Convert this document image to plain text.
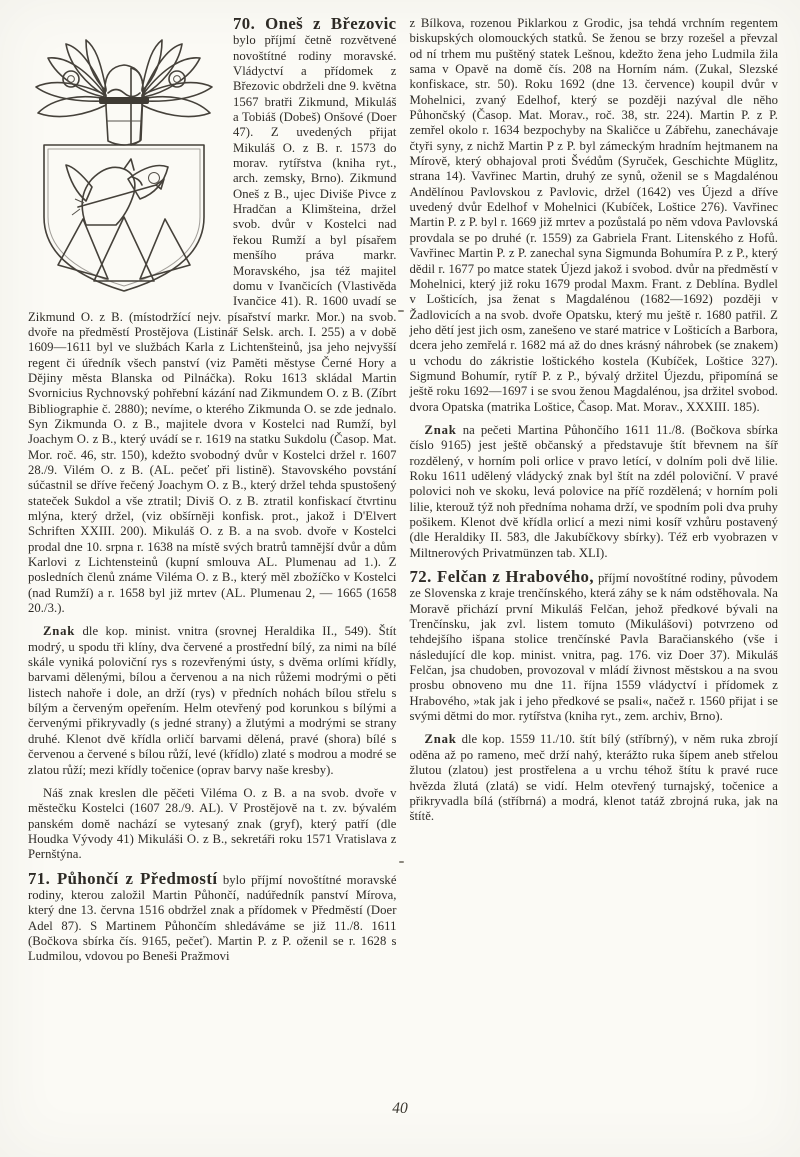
70. Oneš z Březovic bylo příjmí četně rozvětvené novoštítné rodiny moravské. Vládyctví a přídomek z Březovic obdrželi dne 9. května 1567 bratři Zikmund, Mikuláš a Tobiáš (Dobeš) Onšové (Doer 47). Z uvedených přijat Mikuláš O. z B. r. 1573 do morav. rytířstva (kniha ryt., arch. zemsky, Brno). Zikmund Oneš z B., ujec Diviše Pivce z Hradčan a Klimšteina, držel svob. dvůr v Kostelci nad řekou Rumží a byl písařem menšího práva markr. Moravského, jsa též majitel domu v Ivančicích (Vlastivěda Ivančice 41). R. 1600 uvadí se Zikmund O. z B. (místodržící nejv. písařství markr. Mor.) na svob. dvoře na předměstí Prostějova (Listinář Selsk. arch. I. 255) a v době 1609—1611 byl ve službách Karla z Lichtenšteinů, jsa jeho nejvyšší regent či úředník všech panství (viz Paměti městyse Černé Hory a Dějiny města Blanska od Pilnáčka). Roku 1613 skládal Martin Svornicius Rychnovský pohřební kázání nad Zikmundem O. z B. (Zíbrt Bibliographie č. 2880); nevíme, o kterého Zikmunda O. se zde jednalo. Syn Zikmunda O. z B., majitele dvora v Kostelci nad Rumží, byl Joachym O. z B., který uvádí se r. 1619 na statku Sukdolu (Časop. Mat. Mor. roč. 46, str. 150), kdežto svobodný dvůr v Kostelci držel r. 1607 28./9. Vilém O. z B. (AL. pečeť při listině). Stavovského povstání súčastnil se dříve řečený Joachym O. z B., který držel tehda spustošený stateček Sukdol a vše ztratil; Diviš O. z B. ztratil konfiskací čtvrtinu mlýna, který držel, (viz obšírněji konfisk. prot., jakož i D'Elvert Schriften XXIII. 200). Mikuláš O. z B. a na svob. dvoře v Kostelci prodal dne 10. srpna r. 1638 na místě svých bratrů tamnější dvůr a dům Karlovi z Lichtensteinů (kupní smlouva AL. Plumenau ad 1.). Z posledních členů známe Viléma O. z B., který měl zbožíčko v Kostelci (nad Rumží) a r. 1658 byl již mrtev (AL. Plumenau 2, — 1665 (1658 20./3.).

Znak dle kop. minist. vnitra (srovnej Heraldika II., 549). Štít modrý, u spodu tři klíny, dva červené a prostřední bílý, za nimi na bílé skále vyniká poloviční rys s rozevřenými ústy, s dvěma orlími křídly, barvami dělenými, bílou a červenou a na nich růžemi modrými o pěti listech nahoře i dole, an drží (rys) v předních nohách bílou střelu s bílým a červeným opeřením. Helm otevřený pod korunkou s bílými a červenými přikryvadly (s jedné strany) a žlutými a modrými se strany druhé. Klenot dvě křídla orličí barvami dělená, pravé (shora) bílé s červenou a červené s bílou růží, levé (křídlo) zlaté s modrou a modré se zlatou růží; mezi křídly točenice (oprav barvy naše kresby).

Náš znak kreslen dle pěčeti Viléma O. z B. a na svob. dvoře v městečku Kostelci (1607 28./9. AL). V Prostějově na t. zv. bývalém panském domě nachází se vytesaný znak (gryf), který patří (dle Houdka Vývody 41) Mikuláši O. z B., sekretáři roku 1571 Vratislava z Pernštýna.

71. Půhončí z Předmostí bylo příjmí novoštítné moravské rodiny, kterou založil Martin Půhončí, nadúředník panství Mírova, který dne 13. června 1516 obdržel znak a přídomek v Předměstí (Doer Adel 87). S Martinem Půhončím shledáváme se již 11./8. 1611 (Bočkova sbírka čís. 9165, pečeť). Martin P. z P. oženil se r. 1628 s Ludmilou, vdovou po Beneši Pražmovi

z Bílkova, rozenou Piklarkou z Grodic, jsa tehdá vrchním regentem biskupských olomouckých statků. Se ženou se brzy rozešel a převzal od ní trhem mu puštěný statek Lešnou, kdežto žena jeho Ludmila žila sama v Opavě na domě čís. 208 na Horním nám. (Zukal, Slezské konfiskace, str. 50). Roku 1692 (dne 13. července) koupil dvůr v Mohelnici, zvaný Edelhof, který se později nazýval dle něho Půhončský (Časop. Mat. Morav., roč. 38, str. 224). Martin P. z P. zemřel okolo r. 1634 bezpochyby na Skaličce u Zábřehu, zanechávaje čtyři syny, z nichž Martin P z P. byl zámeckým hradním hejtmanem na Mírově, který obhajoval proti Švédům (Syruček, Geschichte Müglitz, strana 14). Vavřinec Martin, druhý ze synů, oženil se s Magdalénou Andělínou Pavlovskou z Pavlovic, držel (1642) ves Újezd a dříve uvedený dvůr Edelhof v Mohelnici (Kubíček, Loštice 276). Vavřinec Martin P. z P. byl r. 1669 již mrtev a pozůstalá po něm vdova Pavlovská provdala se po druhé (r. 1559) za Gabriela Frant. Litenského z Hofů. Vavřinec Martin P. z P. zanechal syna Sigmunda Bohumíra P. z P., který dědil r. 1677 po matce statek Újezd jakož i svobod. dvůr na předměstí v Mohelnici, který již roku 1679 prodal Maxm. Frant. z Deblína. Bydlel v Lošticích, jsa ženat s Magdalénou (1682—1692) později v Žadlovicích a na svob. dvoře Opatsku, který mu ještě r. 1680 patřil. Z jeho dětí jest jich osm, zanešeno ve staré matrice v Lošticích a Barbora, dcera jeho zemřelá r. 1682 má až do dnes krásný náhrobek (se znakem) u vchodu do zákristie loštického kostela (Kubíček, Loštice 327). Sigmund Bohumír, rytíř P. z P., bývalý držitel Újezdu, připomíná se ještě roku 1692—1697 i se svou ženou Magdalénou, jsa držitel svobod. dvora Opatska (matrika Loštice, Časop. Mat. Morav., XXXIII. 185).

Znak na pečeti Martina Půhončího 1611 11./8. (Bočkova sbírka číslo 9165) jest ještě občanský a představuje štít břevnem na šíř rozdělený, v horním poli orlice v pravo letící, v dolním poli dvě lilie. Roku 1611 udělený vládycký znak byl štít na zdél poloviční. V pravé polovici noh ve skoku, levá polovice na příč rozdělená; v horním poli lilie, kterouž týž noh předníma nohama drží, ve spodním poli dva pruhy pošikem. Klenot dvě křídla orlicí a mezi nimi kosíř vzhůru postavený (dle Heraldiky II. 583, dle Jakubíčkovy sbírky). Též erb vyobrazen v Miltnerových Privatmünzen tab. XLI).

72. Felčan z Hrabového, příjmí novoštítné rodiny, původem ze Slovenska z kraje trenčínského, která záhy se k nám odstěhovala. Na Moravě přichází první Mikuláš Felčan, jehož předkové bývali na Trenčínsku, jak zvl. listem tomuto (Mikulášovi) potvrzeno od tehdejšího išpana stolice trenčínské Pavla Baračianského (vše i následující dle kop. minist. vnitra, pag. 176. viz Doer 37). Mikuláš Felčan, jsa chudoben, provozoval v mládí živnost městskou a na svou prosbu obnoveno mu dne 11. října 1559 vládyctví i přídomek z Hrabového, »tak jak i jeho předkové se psali«, načež r. 1560 přijat i se svými dětmi do mor. rytířstva (kniha ryt., zem. archiv, Brno).

Znak dle kop. 1559 11./10. štít bílý (stříbrný), v něm ruka zbrojí oděna až po rameno, meč drží nahý, kterážto ruka šípem aneb střelou žlutou (zlatou) jest prostřelena a u vrchu téhož štítu k pravé ruce hvězda žlutá (zlatá) se vidí. Helm otevřený turnajský, točenice a přikryvadla bílá (stříbrná) a modrá, klenot tatáž zbrojná ruka, jak na štítě.

40
